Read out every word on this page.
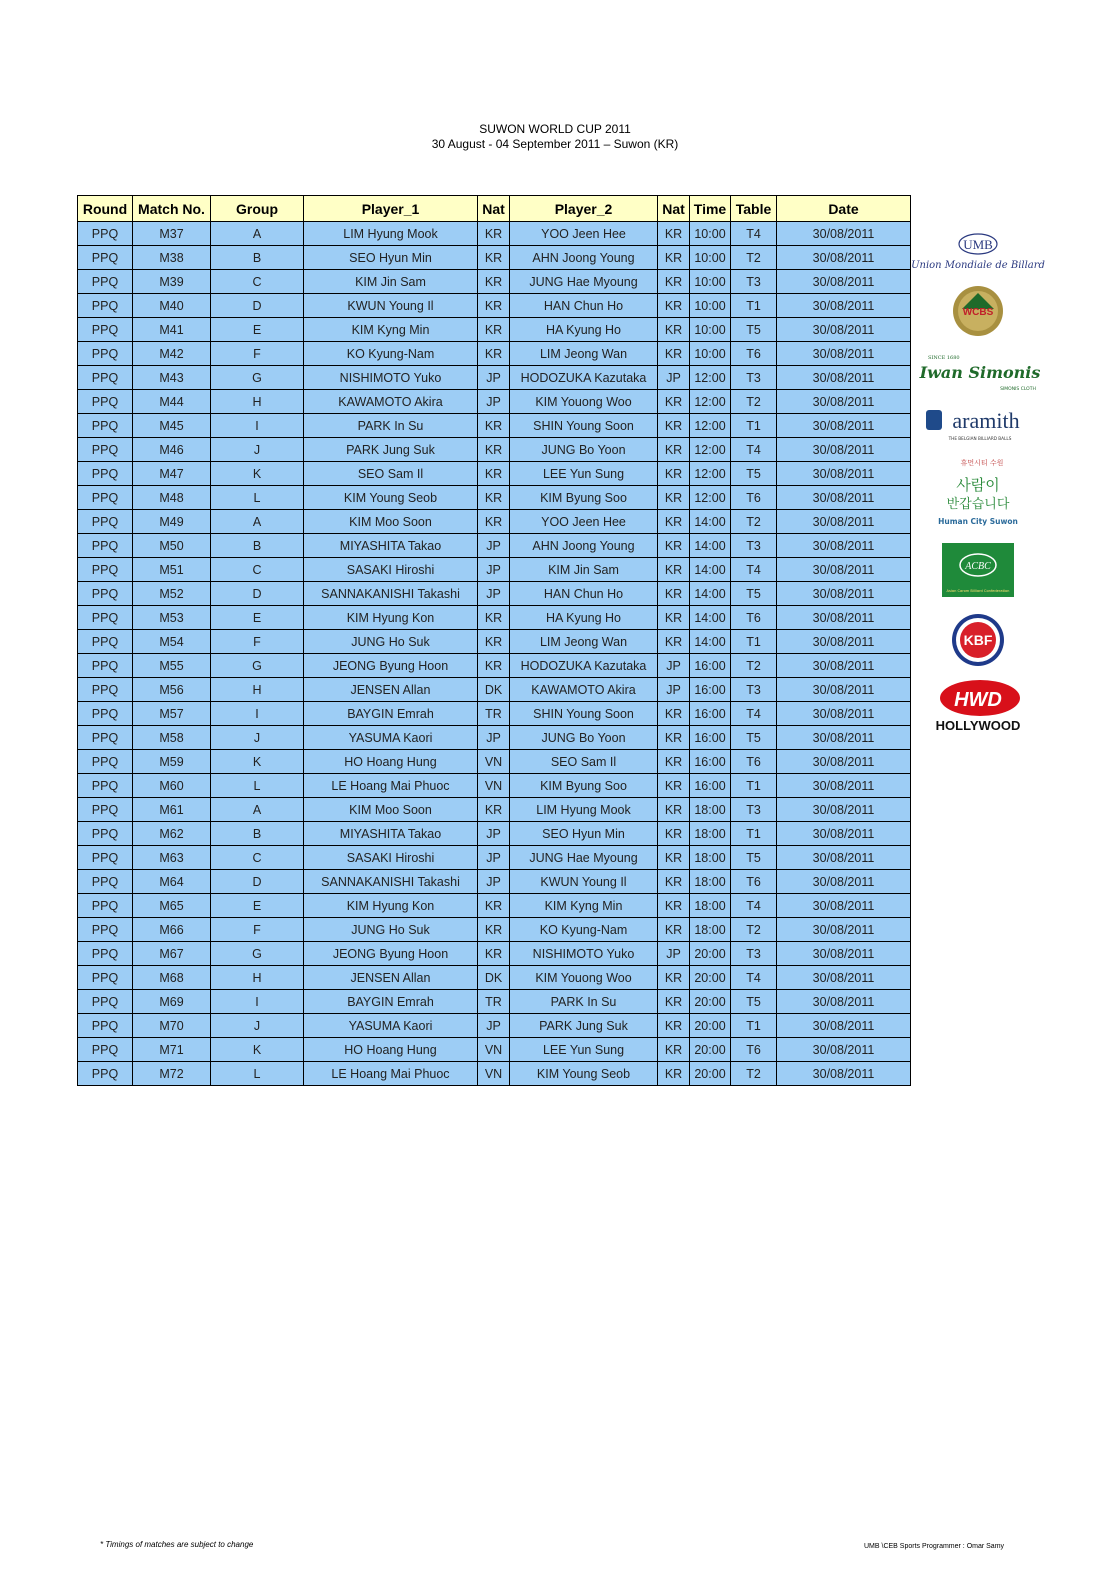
SUWON WORLD CUP 2011
30 August - 04 September 2011 – Suwon (KR)
Round	Match No.	Group	Player_1	Nat	Player_2	Nat	Time	Table	Date
PPQ	M37	A	LIM Hyung Mook	KR	YOO Jeen Hee	KR	10:00	T4	30/08/2011
PPQ	M38	B	SEO Hyun Min	KR	AHN Joong Young	KR	10:00	T2	30/08/2011
PPQ	M39	C	KIM Jin Sam	KR	JUNG Hae Myoung	KR	10:00	T3	30/08/2011
PPQ	M40	D	KWUN Young Il	KR	HAN Chun Ho	KR	10:00	T1	30/08/2011
PPQ	M41	E	KIM Kyng Min	KR	HA Kyung Ho	KR	10:00	T5	30/08/2011
PPQ	M42	F	KO Kyung-Nam	KR	LIM Jeong Wan	KR	10:00	T6	30/08/2011
PPQ	M43	G	NISHIMOTO Yuko	JP	HODOZUKA Kazutaka	JP	12:00	T3	30/08/2011
PPQ	M44	H	KAWAMOTO Akira	JP	KIM Youong Woo	KR	12:00	T2	30/08/2011
PPQ	M45	I	PARK In Su	KR	SHIN Young Soon	KR	12:00	T1	30/08/2011
PPQ	M46	J	PARK Jung Suk	KR	JUNG Bo Yoon	KR	12:00	T4	30/08/2011
PPQ	M47	K	SEO Sam Il	KR	LEE Yun Sung	KR	12:00	T5	30/08/2011
PPQ	M48	L	KIM Young Seob	KR	KIM Byung Soo	KR	12:00	T6	30/08/2011
PPQ	M49	A	KIM Moo Soon	KR	YOO Jeen Hee	KR	14:00	T2	30/08/2011
PPQ	M50	B	MIYASHITA Takao	JP	AHN Joong Young	KR	14:00	T3	30/08/2011
PPQ	M51	C	SASAKI Hiroshi	JP	KIM Jin Sam	KR	14:00	T4	30/08/2011
PPQ	M52	D	SANNAKANISHI Takashi	JP	HAN Chun Ho	KR	14:00	T5	30/08/2011
PPQ	M53	E	KIM Hyung Kon	KR	HA Kyung Ho	KR	14:00	T6	30/08/2011
PPQ	M54	F	JUNG Ho Suk	KR	LIM Jeong Wan	KR	14:00	T1	30/08/2011
PPQ	M55	G	JEONG Byung Hoon	KR	HODOZUKA Kazutaka	JP	16:00	T2	30/08/2011
PPQ	M56	H	JENSEN Allan	DK	KAWAMOTO Akira	JP	16:00	T3	30/08/2011
PPQ	M57	I	BAYGIN Emrah	TR	SHIN Young Soon	KR	16:00	T4	30/08/2011
PPQ	M58	J	YASUMA Kaori	JP	JUNG Bo Yoon	KR	16:00	T5	30/08/2011
PPQ	M59	K	HO Hoang Hung	VN	SEO Sam Il	KR	16:00	T6	30/08/2011
PPQ	M60	L	LE Hoang Mai Phuoc	VN	KIM Byung Soo	KR	16:00	T1	30/08/2011
PPQ	M61	A	KIM Moo Soon	KR	LIM Hyung Mook	KR	18:00	T3	30/08/2011
PPQ	M62	B	MIYASHITA Takao	JP	SEO Hyun Min	KR	18:00	T1	30/08/2011
PPQ	M63	C	SASAKI Hiroshi	JP	JUNG Hae Myoung	KR	18:00	T5	30/08/2011
PPQ	M64	D	SANNAKANISHI Takashi	JP	KWUN Young Il	KR	18:00	T6	30/08/2011
PPQ	M65	E	KIM Hyung Kon	KR	KIM Kyng Min	KR	18:00	T4	30/08/2011
PPQ	M66	F	JUNG Ho Suk	KR	KO Kyung-Nam	KR	18:00	T2	30/08/2011
PPQ	M67	G	JEONG Byung Hoon	KR	NISHIMOTO Yuko	JP	20:00	T3	30/08/2011
PPQ	M68	H	JENSEN Allan	DK	KIM Youong Woo	KR	20:00	T4	30/08/2011
PPQ	M69	I	BAYGIN Emrah	TR	PARK In Su	KR	20:00	T5	30/08/2011
PPQ	M70	J	YASUMA Kaori	JP	PARK Jung Suk	KR	20:00	T1	30/08/2011
PPQ	M71	K	HO Hoang Hung	VN	LEE Yun Sung	KR	20:00	T6	30/08/2011
PPQ	M72	L	LE Hoang Mai Phuoc	VN	KIM Young Seob	KR	20:00	T2	30/08/2011
UMB
Union Mondiale de Billard
WCBS
SINCE 1680
Iwan Simonis
SIMONIS CLOTH
aramith
THE BELGIAN BILLIARD BALLS
휴먼시티 수원
사람이
반갑습니다
Human City Suwon
ACBC
Asian Carom Billiard Confederation
KBF
HWD
HOLLYWOOD
* Timings of matches are subject to change	UMB \CEB Sports Programmer : Omar Samy
